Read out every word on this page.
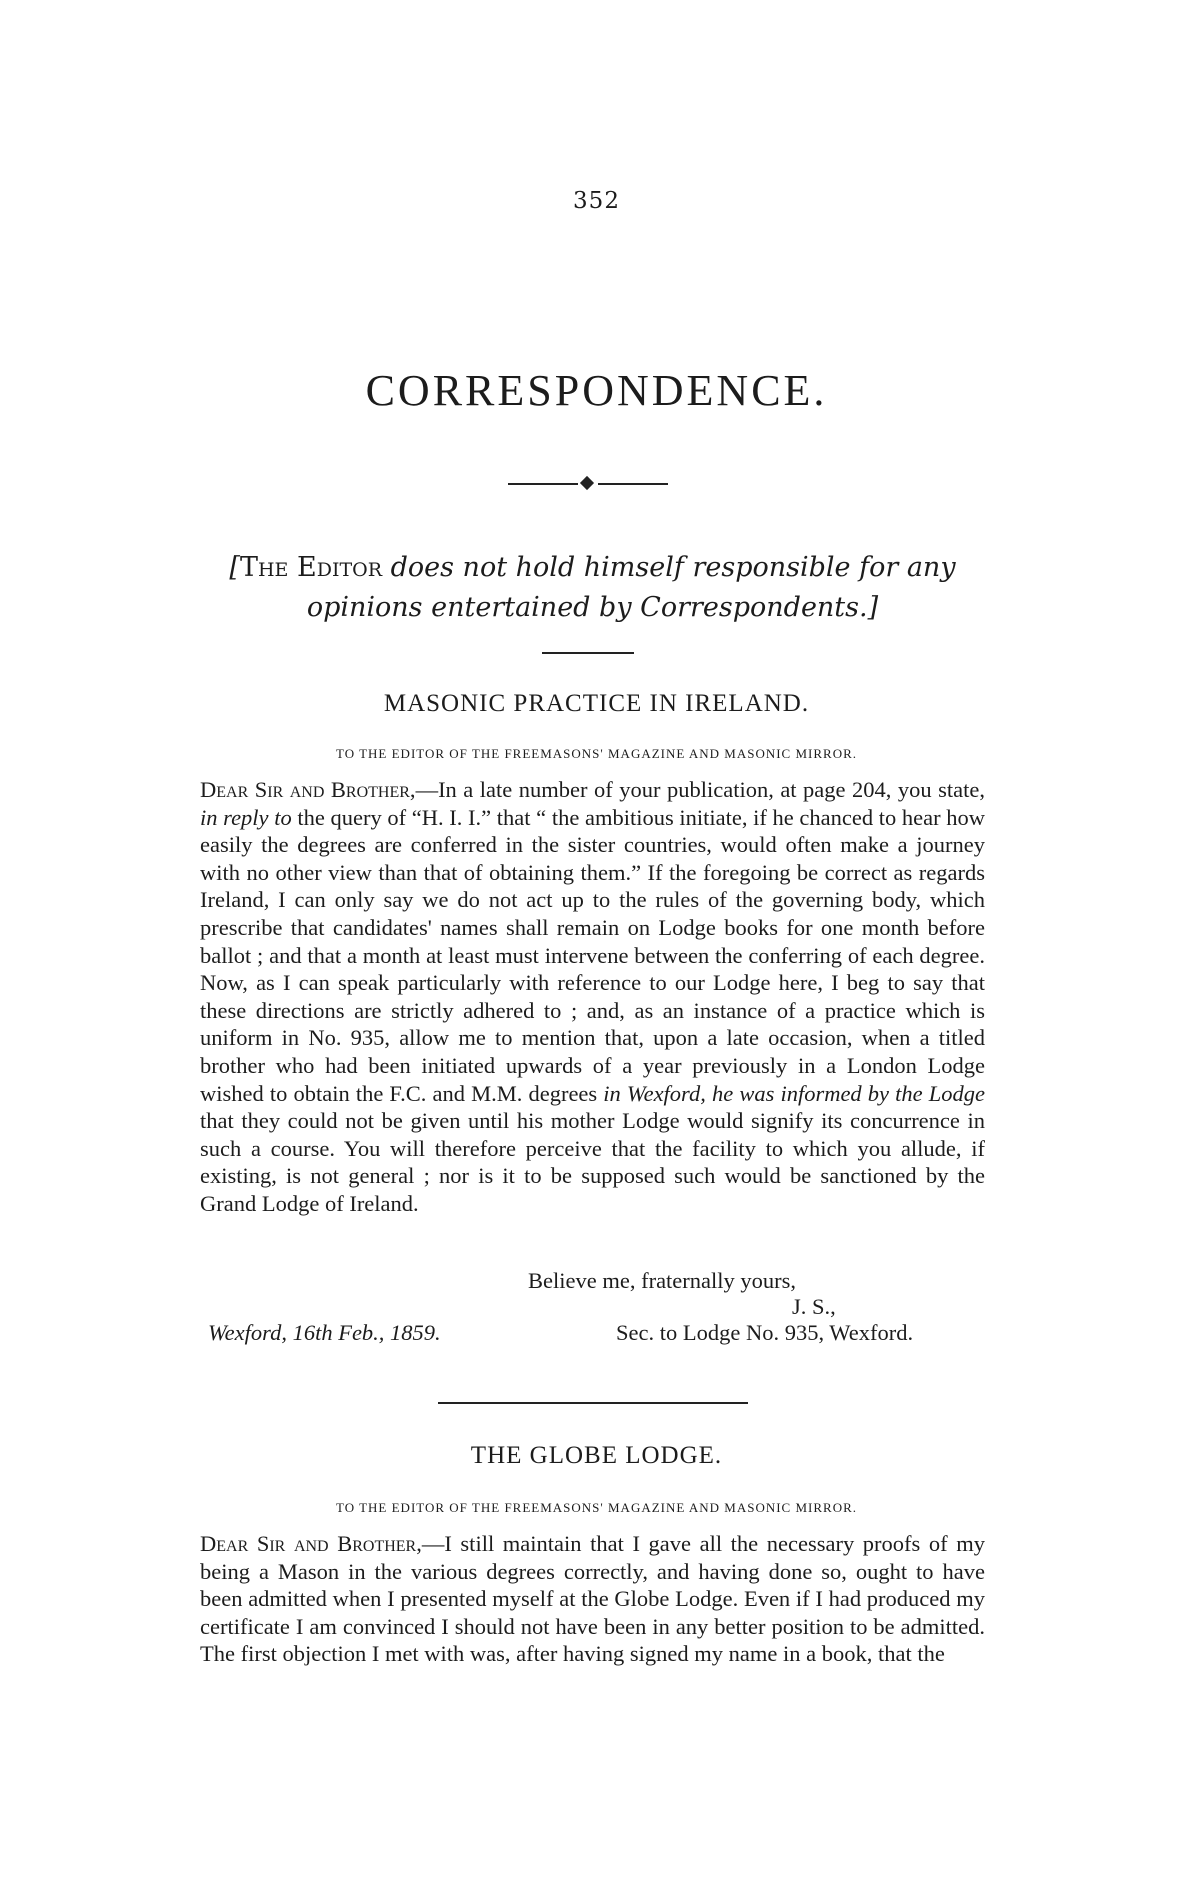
352
CORRESPONDENCE.
[The Editor does not hold himself responsible for any opinions entertained by Correspondents.]
MASONIC PRACTICE IN IRELAND.
TO THE EDITOR OF THE FREEMASONS' MAGAZINE AND MASONIC MIRROR.
Dear Sir and Brother,—In a late number of your publication, at page 204, you state, in reply to the query of “H. I. I.” that “ the ambitious initiate, if he chanced to hear how easily the degrees are conferred in the sister countries, would often make a journey with no other view than that of obtaining them.” If the foregoing be correct as regards Ireland, I can only say we do not act up to the rules of the governing body, which prescribe that candidates' names shall remain on Lodge books for one month before ballot ; and that a month at least must intervene between the conferring of each degree. Now, as I can speak particularly with reference to our Lodge here, I beg to say that these directions are strictly adhered to ; and, as an instance of a practice which is uniform in No. 935, allow me to mention that, upon a late occasion, when a titled brother who had been initiated upwards of a year previously in a London Lodge wished to obtain the F.C. and M.M. degrees in Wexford, he was informed by the Lodge that they could not be given until his mother Lodge would signify its concurrence in such a course. You will therefore perceive that the facility to which you allude, if existing, is not general ; nor is it to be supposed such would be sanctioned by the Grand Lodge of Ireland.
Believe me, fraternally yours,
J. S.,
Wexford, 16th Feb., 1859.	Sec. to Lodge No. 935, Wexford.
THE GLOBE LODGE.
TO THE EDITOR OF THE FREEMASONS' MAGAZINE AND MASONIC MIRROR.
Dear Sir and Brother,—I still maintain that I gave all the necessary proofs of my being a Mason in the various degrees correctly, and having done so, ought to have been admitted when I presented myself at the Globe Lodge. Even if I had produced my certificate I am convinced I should not have been in any better position to be admitted. The first objection I met with was, after having signed my name in a book, that the
